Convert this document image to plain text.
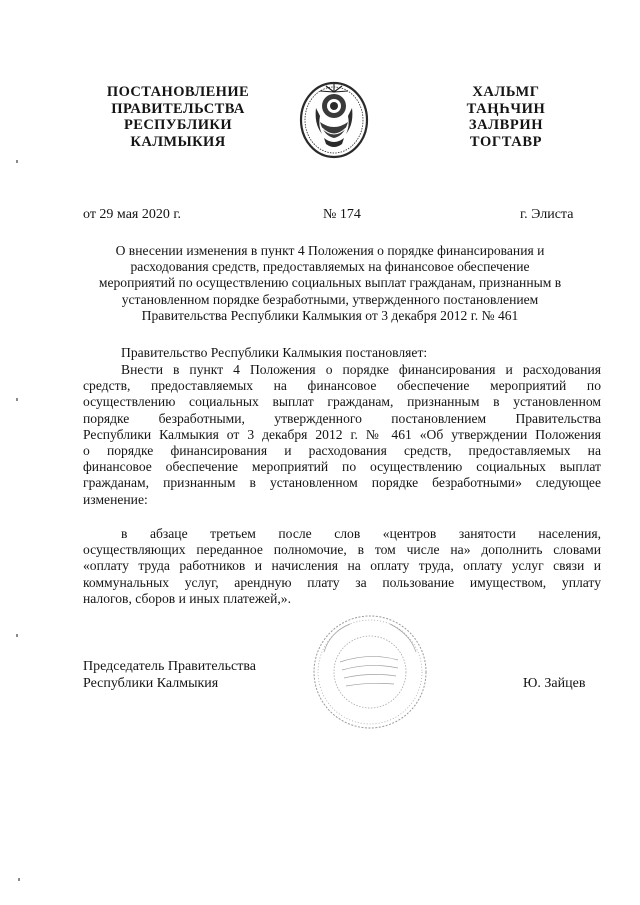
ПОСТАНОВЛЕНИЕ
ПРАВИТЕЛЬСТВА
РЕСПУБЛИКИ
КАЛМЫКИЯ
ХАЛЬМГ
ТАҢҺЧИН
ЗАЛВРИН
ТОГТАВР
от 29 мая 2020 г.	№ 174	г. Элиста
О внесении изменения в пункт 4 Положения о порядке финансирования и
расходования средств, предоставляемых на финансовое обеспечение
мероприятий по осуществлению социальных выплат гражданам, признанным в
установленном порядке безработными, утвержденного постановлением
Правительства Республики Калмыкия от 3 декабря 2012 г. № 461
Правительство Республики Калмыкия постановляет:
Внести в пункт 4 Положения о порядке финансирования и расходования
средств, предоставляемых на финансовое обеспечение мероприятий по
осуществлению социальных выплат гражданам, признанным в установленном
порядке безработными, утвержденного постановлением Правительства
Республики Калмыкия от 3 декабря 2012 г. № 461 «Об утверждении Положения
о порядке финансирования и расходования средств, предоставляемых на
финансовое обеспечение мероприятий по осуществлению социальных выплат
гражданам, признанным в установленном порядке безработными» следующее
изменение:
в абзаце третьем после слов «центров занятости населения,
осуществляющих переданное полномочие, в том числе на» дополнить словами
«оплату труда работников и начисления на оплату труда, оплату услуг связи и
коммунальных услуг, арендную плату за пользование имуществом, уплату
налогов, сборов и иных платежей,».
Председатель Правительства
Республики Калмыкия	Ю. Зайцев
